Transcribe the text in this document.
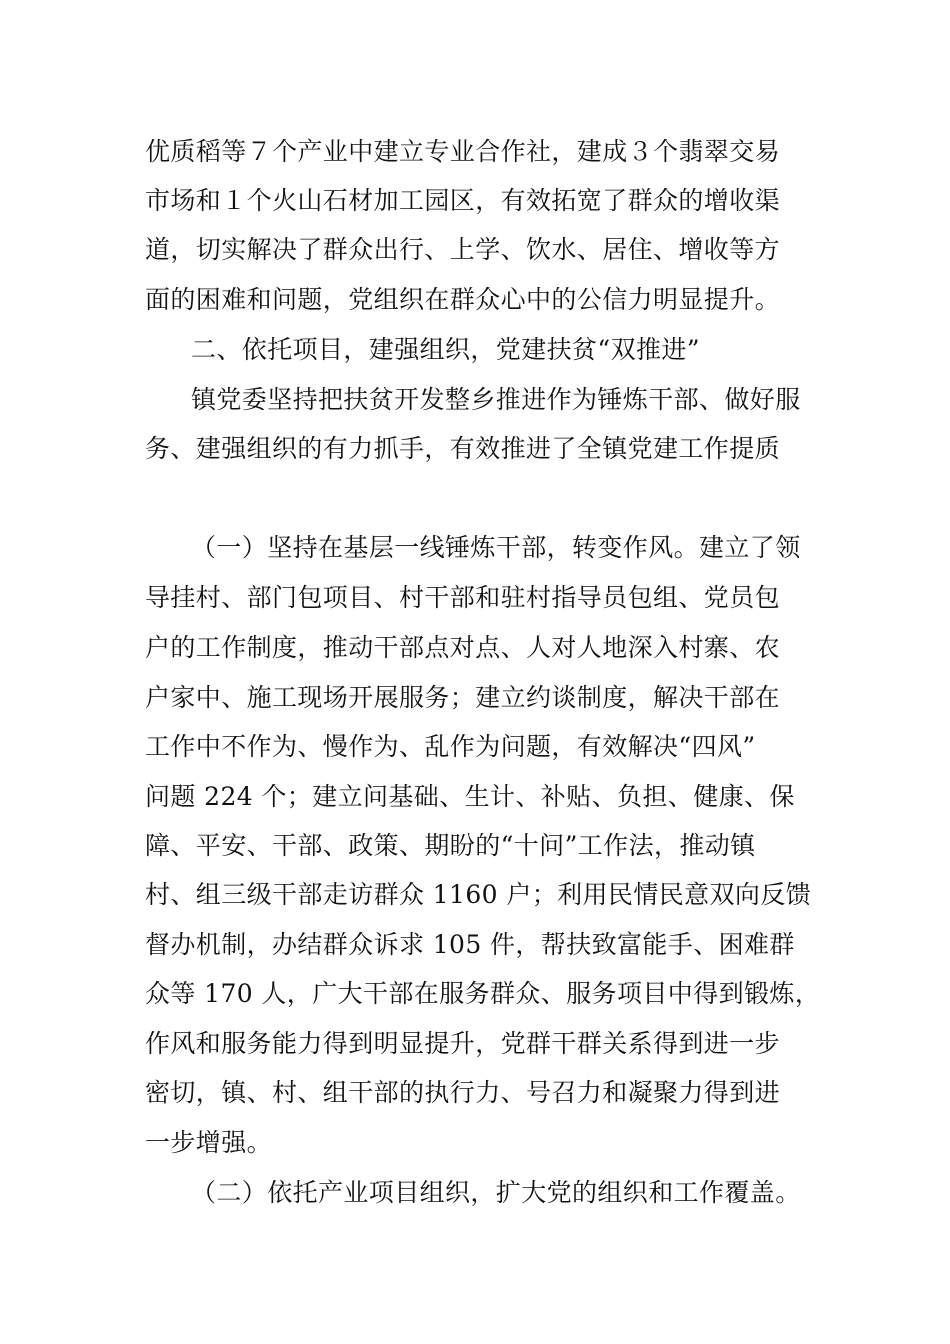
优质稻等７个产业中建立专业合作社，建成３个翡翠交易
市场和１个火山石材加工园区，有效拓宽了群众的增收渠
道，切实解决了群众出行、上学、饮水、居住、增收等方
面的困难和问题，党组织在群众心中的公信力明显提升。
二、依托项目，建强组织，党建扶贫“双推进”
镇党委坚持把扶贫开发整乡推进作为锤炼干部、做好服
务、建强组织的有力抓手，有效推进了全镇党建工作提质
（一）坚持在基层一线锤炼干部，转变作风。建立了领
导挂村、部门包项目、村干部和驻村指导员包组、党员包
户的工作制度，推动干部点对点、人对人地深入村寨、农
户家中、施工现场开展服务；建立约谈制度，解决干部在
工作中不作为、慢作为、乱作为问题，有效解决“四风”
问题 224 个；建立问基础、生计、补贴、负担、健康、保
障、平安、干部、政策、期盼的“十问”工作法，推动镇
村、组三级干部走访群众 1160 户；利用民情民意双向反馈
督办机制，办结群众诉求 105 件，帮扶致富能手、困难群
众等 170 人，广大干部在服务群众、服务项目中得到锻炼，
作风和服务能力得到明显提升，党群干群关系得到进一步
密切，镇、村、组干部的执行力、号召力和凝聚力得到进
一步增强。
（二）依托产业项目组织，扩大党的组织和工作覆盖。
